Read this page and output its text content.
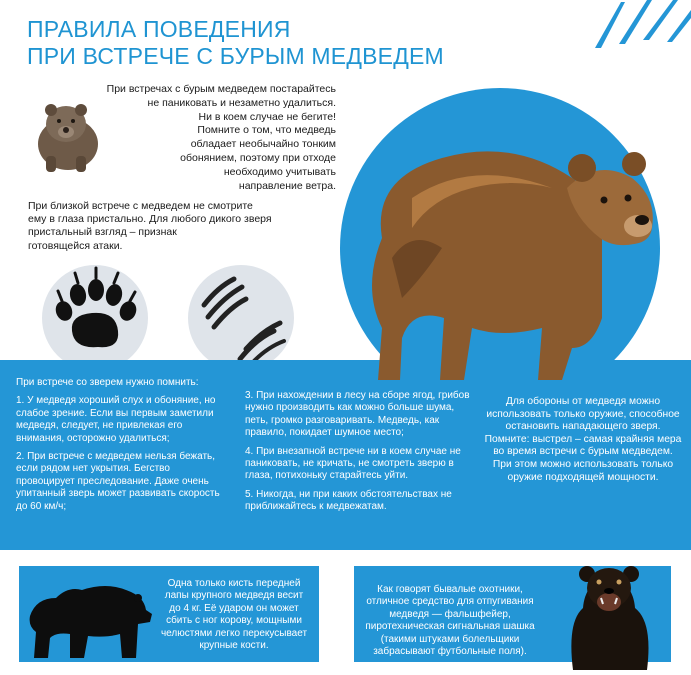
ПРАВИЛА ПОВЕДЕНИЯ
ПРИ ВСТРЕЧЕ С БУРЫМ МЕДВЕДЕМ
При встречах с бурым медведем постарайтесь
не паниковать и незаметно удалиться.
Ни в коем случае не бегите!
Помните о том, что медведь
обладает необычайно тонким
обонянием, поэтому при отходе
необходимо учитывать
направление ветра.
При близкой встрече с медведем не смотрите
ему в глаза пристально. Для любого дикого зверя
пристальный взгляд – признак
готовящейся атаки.

При встрече со зверем нужно помнить:

1. У медведя хороший слух и обоняние, но слабое зрение. Если вы первым заметили медведя, следует, не привлекая его внимания, осторожно удалиться;

2. При встрече с медведем нельзя бежать, если рядом нет укрытия. Бегство провоцирует преследование. Даже очень упитанный зверь может развивать скорость до 60 км/ч;

3. При нахождении в лесу на сборе ягод, грибов нужно производить как можно больше шума, петь, громко разговаривать. Медведь, как правило, покидает шумное место;

4. При внезапной встрече ни в коем случае не паниковать, не кричать, не смотреть зверю в глаза, потихоньку старайтесь уйти.

5. Никогда, ни при каких обстоятельствах не приближайтесь к медвежатам.

Для обороны от медведя можно использовать только оружие, способное остановить нападающего зверя. Помните: выстрел – самая крайняя мера во время встречи с бурым медведем. При этом можно использовать только оружие подходящей мощности.
Одна только кисть передней лапы крупного медведя весит до 4 кг. Её ударом он может сбить с ног корову, мощными челюстями легко перекусывает крупные кости.
Как говорят бывалые охотники, отличное средство для отпугивания медведя — фальшфейер, пиротехническая сигнальная шашка (такими штуками болельщики забрасывают футбольные поля).
